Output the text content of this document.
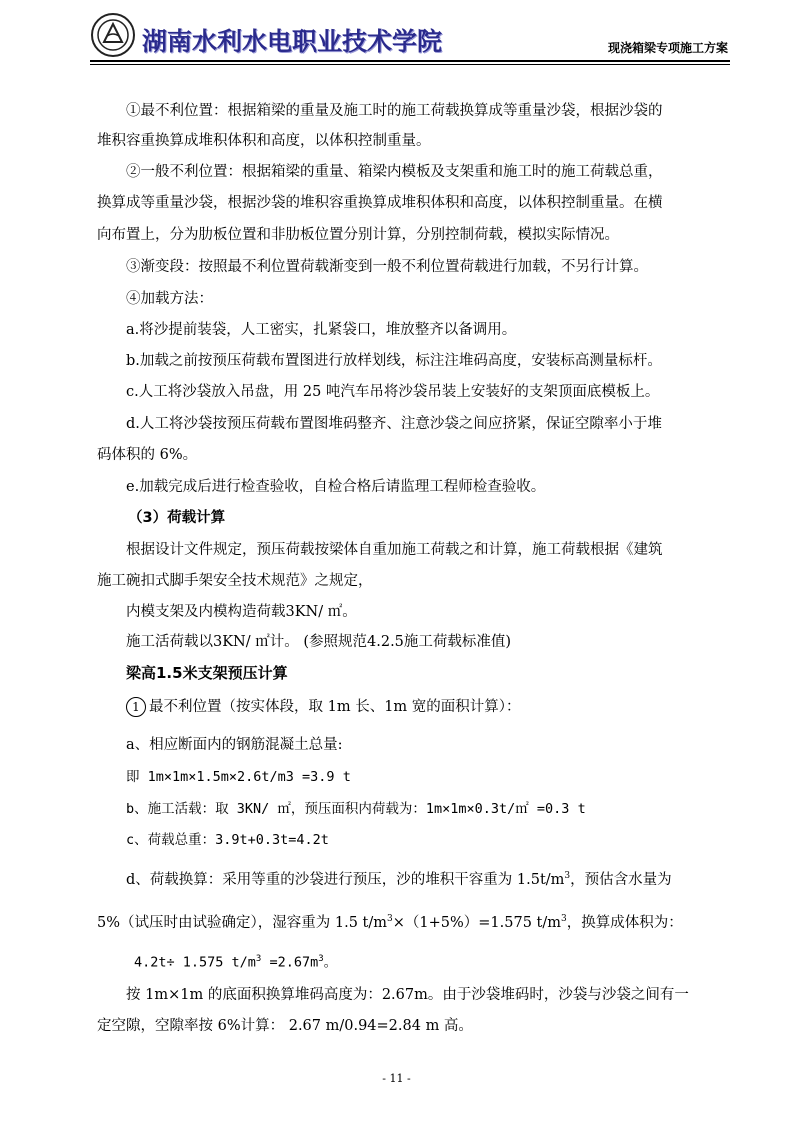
湖南水利水电职业技术学院	现浇箱梁专项施工方案
①最不利位置：根据箱梁的重量及施工时的施工荷载换算成等重量沙袋，根据沙袋的
堆积容重换算成堆积体积和高度，以体积控制重量。
②一般不利位置：根据箱梁的重量、箱梁内模板及支架重和施工时的施工荷载总重，
换算成等重量沙袋，根据沙袋的堆积容重换算成堆积体积和高度，以体积控制重量。在横
向布置上，分为肋板位置和非肋板位置分别计算，分别控制荷载，模拟实际情况。
③渐变段：按照最不利位置荷载渐变到一般不利位置荷载进行加载，不另行计算。
④加载方法：
a.将沙提前装袋，人工密实，扎紧袋口，堆放整齐以备调用。
b.加载之前按预压荷载布置图进行放样划线，标注注堆码高度，安装标高测量标杆。
c.人工将沙袋放入吊盘，用 25 吨汽车吊将沙袋吊装上安装好的支架顶面底模板上。
d.人工将沙袋按预压荷载布置图堆码整齐、注意沙袋之间应挤紧，保证空隙率小于堆
码体积的 6%。
e.加载完成后进行检查验收，自检合格后请监理工程师检查验收。
（3）荷载计算
根据设计文件规定，预压荷载按梁体自重加施工荷载之和计算，施工荷载根据《建筑
施工碗扣式脚手架安全技术规范》之规定，
内模支架及内模构造荷载3KN/ ㎡。
施工活荷载以3KN/ ㎡计。 (参照规范4.2.5施工荷载标准值)
梁高1.5米支架预压计算
1 最不利位置（按实体段，取 1m 长、1m 宽的面积计算）：
a、相应断面内的钢筋混凝土总量:
即 1m×1m×1.5m×2.6t/m3 =3.9 t
b、施工活载：取 3KN/ ㎡，预压面积内荷载为：1m×1m×0.3t/㎡ =0.3 t
c、荷载总重：3.9t+0.3t=4.2t
d、荷载换算：采用等重的沙袋进行预压，沙的堆积干容重为 $1.5t/m^3$，预估含水量为
5%（试压时由试验确定），湿容重为 1.5 $t/m^3\times(1+5\%)=1.575$ $t/m^3$，换算成体积为：
4.2t÷ 1.575 $t/m^3 =2.67m^3$。
按 1m×1m 的底面积换算堆码高度为：2.67m。由于沙袋堆码时，沙袋与沙袋之间有一
定空隙，空隙率按 6%计算： 2.67 m/0.94=2.84 m 高。
- 11 -
